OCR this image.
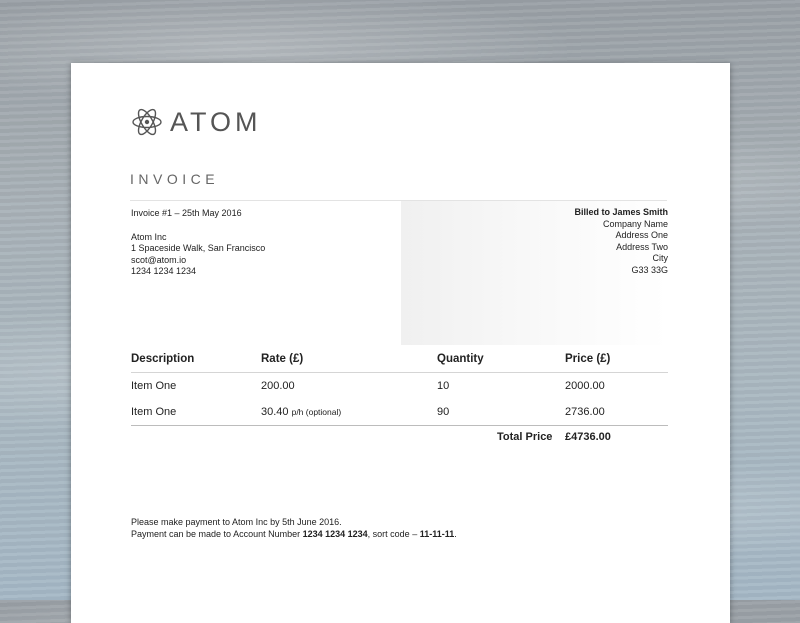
ATOM
INVOICE
Invoice #1 – 25th May 2016
Atom Inc
1 Spaceside Walk, San Francisco
scot@atom.io
1234 1234 1234
Billed to James Smith
Company Name
Address One
Address Two
City
G33 33G
Description	Rate (£)	Quantity	Price (£)
Item One	200.00	10	2000.00
Item One	30.40 p/h (optional)	90	2736.00
Total Price £4736.00
Please make payment to Atom Inc by 5th June 2016.
Payment can be made to Account Number 1234 1234 1234, sort code – 11-11-11.
